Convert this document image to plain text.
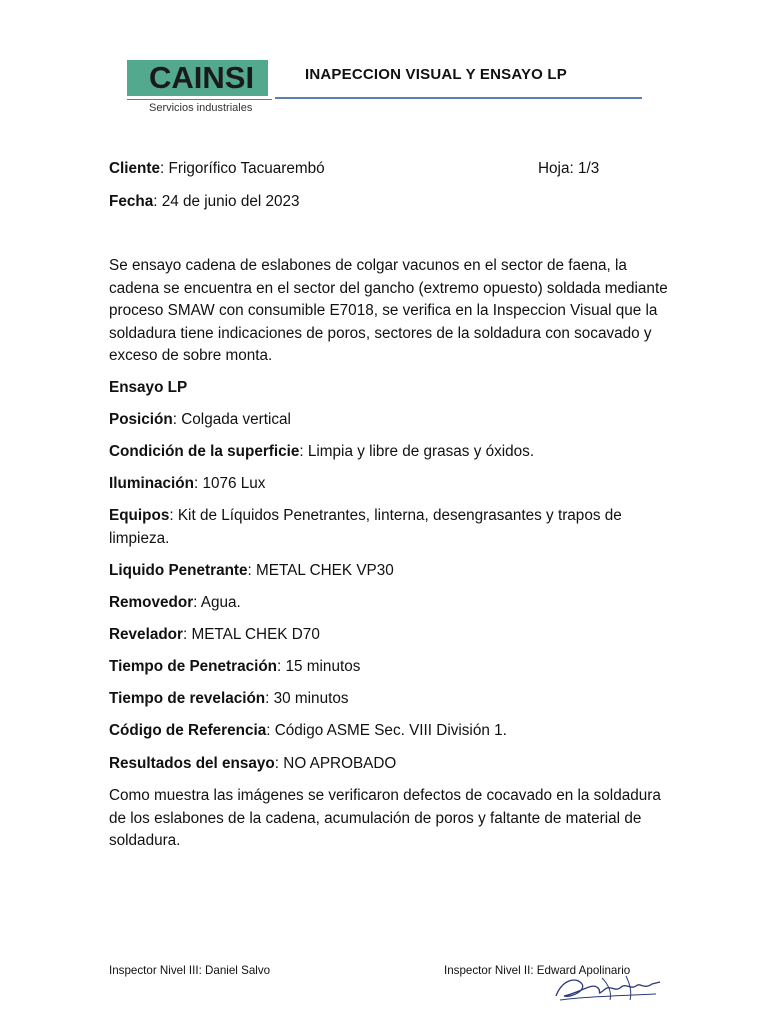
CAINSI
Servicios industriales
INAPECCION VISUAL Y ENSAYO LP
Cliente: Frigorífico Tacuarembó	Hoja: 1/3
Fecha: 24 de junio del 2023
Se ensayo cadena de eslabones de colgar vacunos en el sector de faena, la cadena se encuentra en el sector del gancho (extremo opuesto) soldada mediante proceso SMAW con consumible E7018, se verifica en la Inspeccion Visual que la soldadura tiene indicaciones de poros, sectores de la soldadura con socavado y exceso de sobre monta.
Ensayo LP
Posición: Colgada vertical
Condición de la superficie: Limpia y libre de grasas y óxidos.
Iluminación: 1076 Lux
Equipos: Kit de Líquidos Penetrantes, linterna, desengrasantes y trapos de limpieza.
Liquido Penetrante: METAL CHEK VP30
Removedor: Agua.
Revelador: METAL CHEK D70
Tiempo de Penetración: 15 minutos
Tiempo de revelación: 30 minutos
Código de Referencia: Código ASME Sec. VIII División 1.
Resultados del ensayo: NO APROBADO
Como muestra las imágenes se verificaron defectos de cocavado en la soldadura de los eslabones de la cadena, acumulación de poros y faltante de material de soldadura.
Inspector Nivel III: Daniel Salvo	Inspector Nivel II: Edward Apolinario
